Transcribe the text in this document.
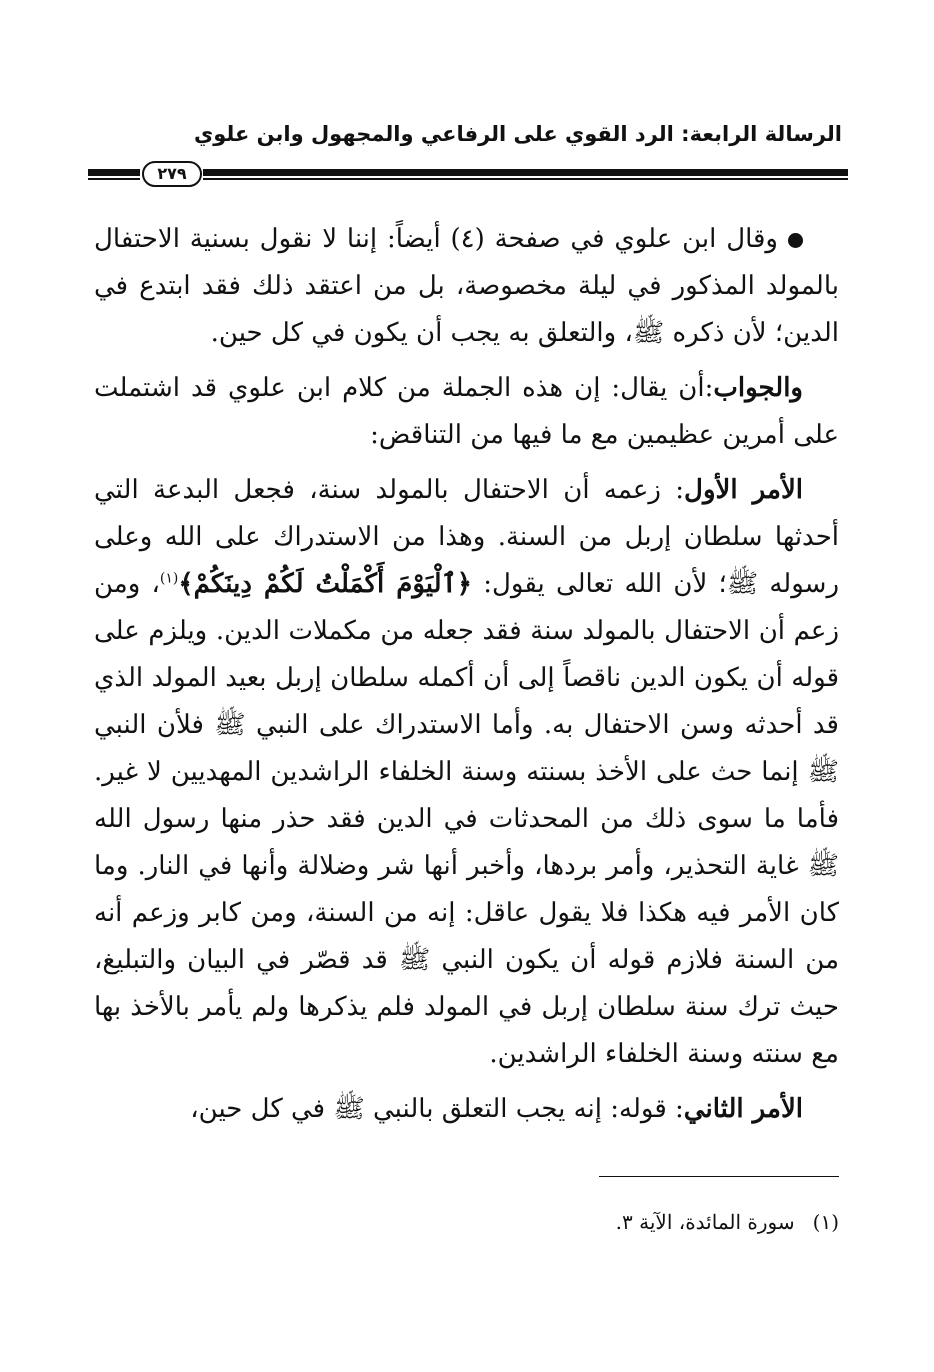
الرسالة الرابعة: الرد القوي على الرفاعي والمجهول وابن علوي
٢٧٩

وقال ابن علوي في صفحة (٤) أيضاً: إننا لا نقول بسنية الاحتفال بالمولد المذكور في ليلة مخصوصة، بل من اعتقد ذلك فقد ابتدع في الدين؛ لأن ذكره ﷺ، والتعلق به يجب أن يكون في كل حين.

والجواب:أن يقال: إن هذه الجملة من كلام ابن علوي قد اشتملت على أمرين عظيمين مع ما فيها من التناقض:

الأمر الأول: زعمه أن الاحتفال بالمولد سنة، فجعل البدعة التي أحدثها سلطان إربل من السنة. وهذا من الاستدراك على الله وعلى رسوله ﷺ؛ لأن الله تعالى يقول: ﴿ٱلْيَوْمَ أَكْمَلْتُ لَكُمْ دِينَكُمْ﴾$^{(١)}$، ومن زعم أن الاحتفال بالمولد سنة فقد جعله من مكملات الدين. ويلزم على قوله أن يكون الدين ناقصاً إلى أن أكمله سلطان إربل بعيد المولد الذي قد أحدثه وسن الاحتفال به. وأما الاستدراك على النبي ﷺ فلأن النبي ﷺ إنما حث على الأخذ بسنته وسنة الخلفاء الراشدين المهديين لا غير. فأما ما سوى ذلك من المحدثات في الدين فقد حذر منها رسول الله ﷺ غاية التحذير، وأمر بردها، وأخبر أنها شر وضلالة وأنها في النار. وما كان الأمر فيه هكذا فلا يقول عاقل: إنه من السنة، ومن كابر وزعم أنه من السنة فلازم قوله أن يكون النبي ﷺ قد قصّر في البيان والتبليغ، حيث ترك سنة سلطان إربل في المولد فلم يذكرها ولم يأمر بالأخذ بها مع سنته وسنة الخلفاء الراشدين.

الأمر الثاني: قوله: إنه يجب التعلق بالنبي ﷺ في كل حين،

(١)سورة المائدة، الآية ٣.
